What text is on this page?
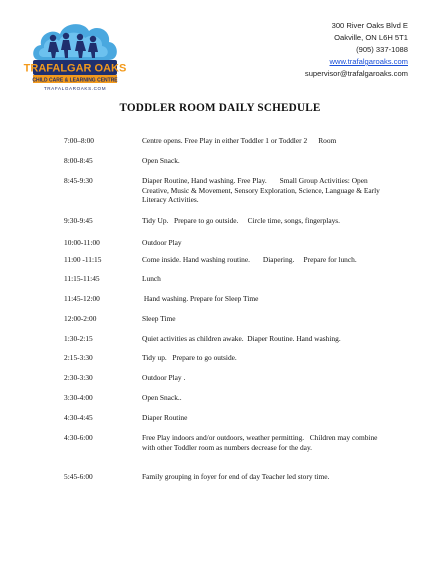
TRAFALGAR OAKS
CHILD CARE & LEARNING CENTRE
TRAFALGAROAKS.COM
300 River Oaks Blvd E
Oakville, ON L6H 5T1
(905) 337-1088
www.trafalgaroaks.com
supervisor@trafalgaroaks.com
TODDLER ROOM DAILY SCHEDULE
7:00–8:00	Centre opens. Free Play in either Toddler 1 or Toddler 2      Room
8:00-8:45	Open Snack.
8:45-9:30	Diaper Routine, Hand washing. Free Play.       Small Group Activities: Open Creative, Music & Movement, Sensory Exploration, Science, Language & Early Literacy Activities.
9:30-9:45	Tidy Up.   Prepare to go outside.     Circle time, songs, fingerplays.
10:00-11:00	Outdoor Play
11:00 -11:15	Come inside. Hand washing routine.       Diapering.     Prepare for lunch.
11:15-11:45	Lunch
11:45-12:00	Hand washing. Prepare for Sleep Time
12:00-2:00	Sleep Time
1:30-2:15	Quiet activities as children awake.  Diaper Routine. Hand washing.
2:15-3:30	Tidy up.   Prepare to go outside.
2:30-3:30	Outdoor Play .
3:30-4:00	Open Snack..
4:30-4:45	Diaper Routine
4:30-6:00	Free Play indoors and/or outdoors, weather permitting.   Children may combine with other Toddler room as numbers decrease for the day.
5:45-6:00	Family grouping in foyer for end of day Teacher led story time.
